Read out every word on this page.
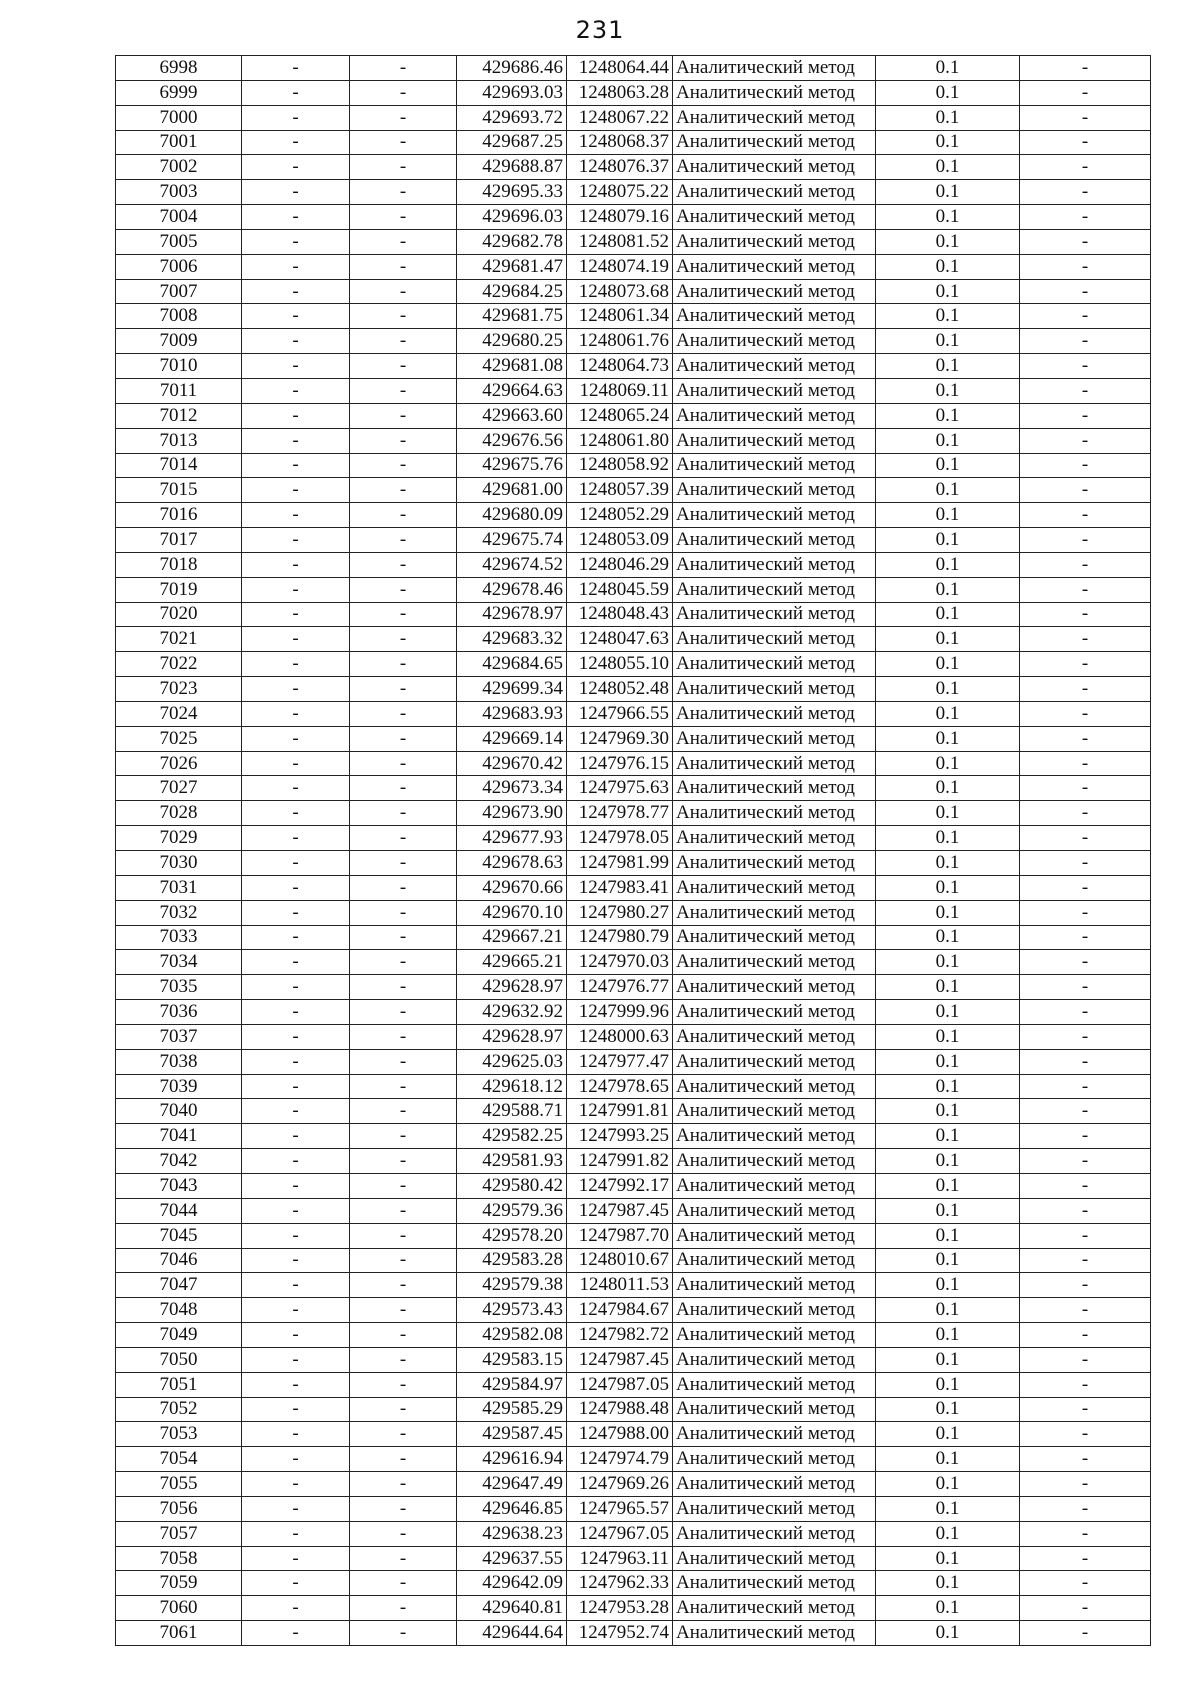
231
6998	-	-	429686.46	1248064.44	Аналитический метод	0.1	-
6999	-	-	429693.03	1248063.28	Аналитический метод	0.1	-
7000	-	-	429693.72	1248067.22	Аналитический метод	0.1	-
7001	-	-	429687.25	1248068.37	Аналитический метод	0.1	-
7002	-	-	429688.87	1248076.37	Аналитический метод	0.1	-
7003	-	-	429695.33	1248075.22	Аналитический метод	0.1	-
7004	-	-	429696.03	1248079.16	Аналитический метод	0.1	-
7005	-	-	429682.78	1248081.52	Аналитический метод	0.1	-
7006	-	-	429681.47	1248074.19	Аналитический метод	0.1	-
7007	-	-	429684.25	1248073.68	Аналитический метод	0.1	-
7008	-	-	429681.75	1248061.34	Аналитический метод	0.1	-
7009	-	-	429680.25	1248061.76	Аналитический метод	0.1	-
7010	-	-	429681.08	1248064.73	Аналитический метод	0.1	-
7011	-	-	429664.63	1248069.11	Аналитический метод	0.1	-
7012	-	-	429663.60	1248065.24	Аналитический метод	0.1	-
7013	-	-	429676.56	1248061.80	Аналитический метод	0.1	-
7014	-	-	429675.76	1248058.92	Аналитический метод	0.1	-
7015	-	-	429681.00	1248057.39	Аналитический метод	0.1	-
7016	-	-	429680.09	1248052.29	Аналитический метод	0.1	-
7017	-	-	429675.74	1248053.09	Аналитический метод	0.1	-
7018	-	-	429674.52	1248046.29	Аналитический метод	0.1	-
7019	-	-	429678.46	1248045.59	Аналитический метод	0.1	-
7020	-	-	429678.97	1248048.43	Аналитический метод	0.1	-
7021	-	-	429683.32	1248047.63	Аналитический метод	0.1	-
7022	-	-	429684.65	1248055.10	Аналитический метод	0.1	-
7023	-	-	429699.34	1248052.48	Аналитический метод	0.1	-
7024	-	-	429683.93	1247966.55	Аналитический метод	0.1	-
7025	-	-	429669.14	1247969.30	Аналитический метод	0.1	-
7026	-	-	429670.42	1247976.15	Аналитический метод	0.1	-
7027	-	-	429673.34	1247975.63	Аналитический метод	0.1	-
7028	-	-	429673.90	1247978.77	Аналитический метод	0.1	-
7029	-	-	429677.93	1247978.05	Аналитический метод	0.1	-
7030	-	-	429678.63	1247981.99	Аналитический метод	0.1	-
7031	-	-	429670.66	1247983.41	Аналитический метод	0.1	-
7032	-	-	429670.10	1247980.27	Аналитический метод	0.1	-
7033	-	-	429667.21	1247980.79	Аналитический метод	0.1	-
7034	-	-	429665.21	1247970.03	Аналитический метод	0.1	-
7035	-	-	429628.97	1247976.77	Аналитический метод	0.1	-
7036	-	-	429632.92	1247999.96	Аналитический метод	0.1	-
7037	-	-	429628.97	1248000.63	Аналитический метод	0.1	-
7038	-	-	429625.03	1247977.47	Аналитический метод	0.1	-
7039	-	-	429618.12	1247978.65	Аналитический метод	0.1	-
7040	-	-	429588.71	1247991.81	Аналитический метод	0.1	-
7041	-	-	429582.25	1247993.25	Аналитический метод	0.1	-
7042	-	-	429581.93	1247991.82	Аналитический метод	0.1	-
7043	-	-	429580.42	1247992.17	Аналитический метод	0.1	-
7044	-	-	429579.36	1247987.45	Аналитический метод	0.1	-
7045	-	-	429578.20	1247987.70	Аналитический метод	0.1	-
7046	-	-	429583.28	1248010.67	Аналитический метод	0.1	-
7047	-	-	429579.38	1248011.53	Аналитический метод	0.1	-
7048	-	-	429573.43	1247984.67	Аналитический метод	0.1	-
7049	-	-	429582.08	1247982.72	Аналитический метод	0.1	-
7050	-	-	429583.15	1247987.45	Аналитический метод	0.1	-
7051	-	-	429584.97	1247987.05	Аналитический метод	0.1	-
7052	-	-	429585.29	1247988.48	Аналитический метод	0.1	-
7053	-	-	429587.45	1247988.00	Аналитический метод	0.1	-
7054	-	-	429616.94	1247974.79	Аналитический метод	0.1	-
7055	-	-	429647.49	1247969.26	Аналитический метод	0.1	-
7056	-	-	429646.85	1247965.57	Аналитический метод	0.1	-
7057	-	-	429638.23	1247967.05	Аналитический метод	0.1	-
7058	-	-	429637.55	1247963.11	Аналитический метод	0.1	-
7059	-	-	429642.09	1247962.33	Аналитический метод	0.1	-
7060	-	-	429640.81	1247953.28	Аналитический метод	0.1	-
7061	-	-	429644.64	1247952.74	Аналитический метод	0.1	-
